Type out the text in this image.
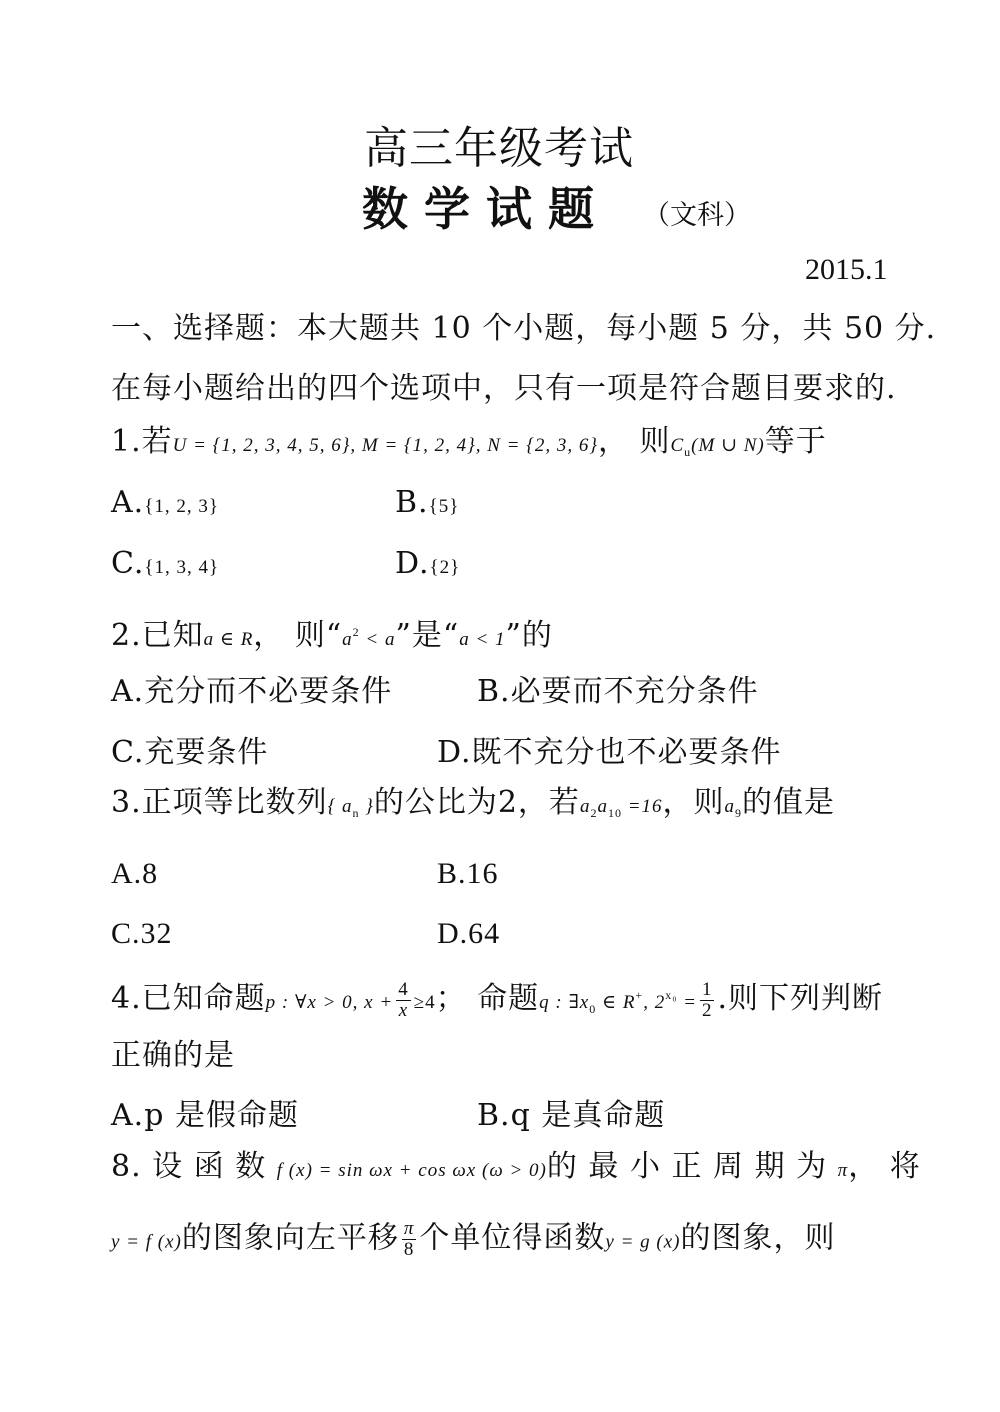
高三年级考试
数 学 试 题 （文科）
2015.1
一、选择题：本大题共 10 个小题，每小题 5 分，共 50 分.
在每小题给出的四个选项中，只有一项是符合题目要求的.
1.若U = {1, 2, 3, 4, 5, 6}, M = {1, 2, 4}, N = {2, 3, 6}， 则$C_u(M$ ∪ N)等于
A.{1, 2, 3}	B.{5}
C.{1, 3, 4}	D.{2}
2.已知a ∈ R， 则“$a^2 < a$”是“a < 1”的
A.充分而不必要条件	B.必要而不充分条件
C.充要条件	D.既不充分也不必要条件
3.正项等比数列{ $a_n$ }的公比为2，若$a_2a_{10} =16$，则$a_9$的值是
A.8	B.16
C.32	D.64
4.已知命题p : ∀x > 0, $x + \frac{4}{x} \ge 4$； 命题q : $\exists x_0$ ∈ R+, $2^{x_0} = \frac{1}{2}$ .则下列判断
正确的是
A.p 是假命题	B.q 是真命题
8. 设 函 数 f (x) = sin ωx + cos ωx (ω > 0)的 最 小 正 周 期 为 π， 将
y = f (x)的图象向左平移 $\frac{\pi}{8}$ 个单位得函数y = g (x)的图象，则
